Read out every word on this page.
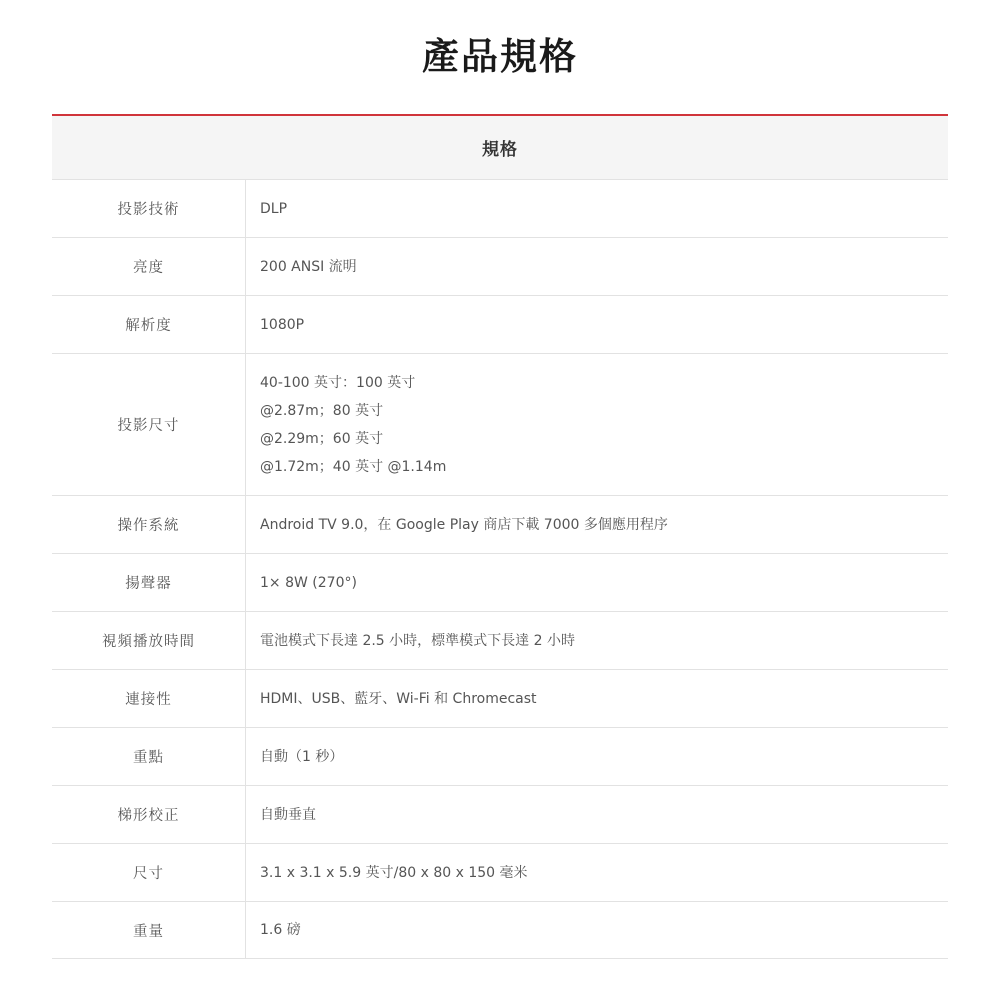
產品規格
規格
投影技術	DLP
亮度	200 ANSI 流明
解析度	1080P
投影尺寸
40-100 英寸：100 英寸
@2.87m；80 英寸
@2.29m；60 英寸
@1.72m；40 英寸 @1.14m
操作系統	Android TV 9.0，在 Google Play 商店下載 7000 多個應用程序
揚聲器	1× 8W (270°)
視頻播放時間	電池模式下長達 2.5 小時，標準模式下長達 2 小時
連接性	HDMI、USB、藍牙、Wi-Fi 和 Chromecast
重點	自動（1 秒）
梯形校正	自動垂直
尺寸	3.1 x 3.1 x 5.9 英寸/80 x 80 x 150 毫米
重量	1.6 磅
